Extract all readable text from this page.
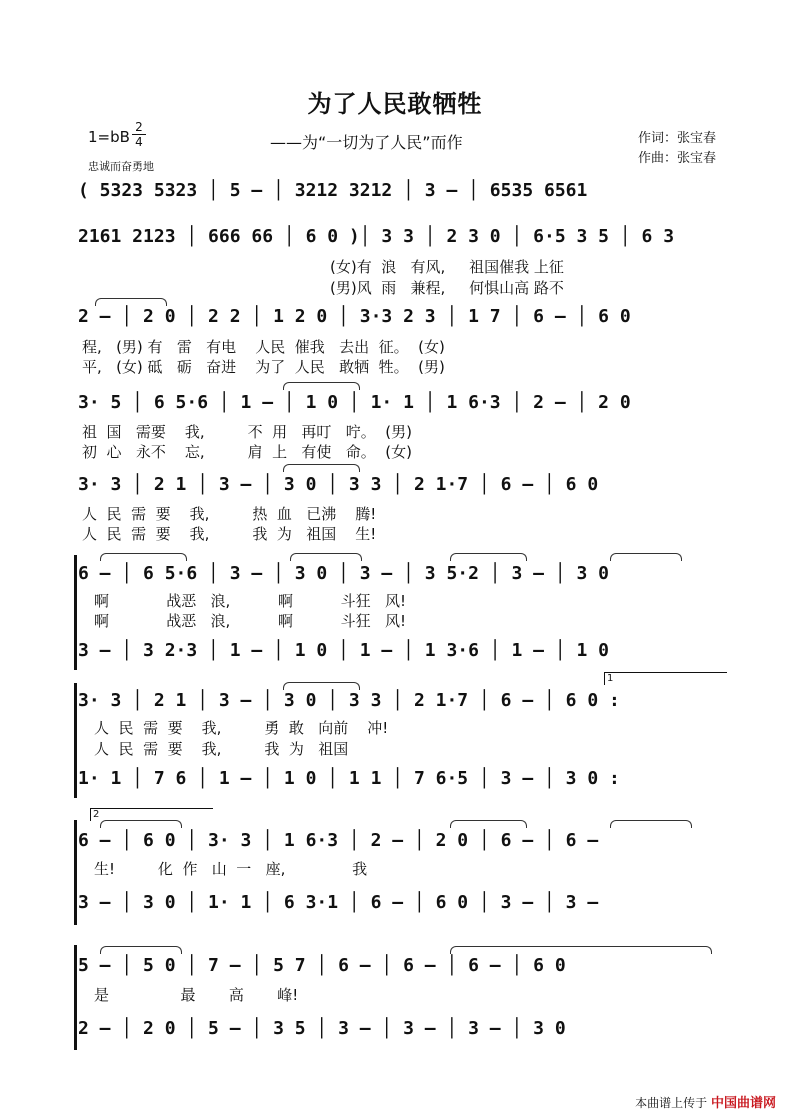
为了人民敢牺牲
1=bB
2
4
忠诚而奋勇地
——为“一切为了人民”而作	作词：张宝春
作曲：张宝春
( 5323 5323 │ 5 – │ 3212 3212 │ 3 – │ 6535 6561
2161 2123 │ 666 66 │ 6 0 )│ 3 3 │ 2 3 0 │ 6·5 3 5 │ 6 3
(女)有  浪   有风,     祖国催我 上征
(男)风  雨   兼程,     何惧山高 路不
2 – │ 2 0 │ 2 2 │ 1 2 0 │ 3·3 2 3 │ 1 7 │ 6 – │ 6 0
程,   (男) 有   雷   有电    人民  催我   去出  征。  (女)
平,   (女) 砥   砺   奋进    为了  人民   敢牺  牲。  (男)
3· 5 │ 6 5·6 │ 1 – │ 1 0 │ 1· 1 │ 1 6·3 │ 2 – │ 2 0
祖  国   需要    我,         不  用   再叮   咛。  (男)
初  心   永不    忘,         肩  上   有使   命。  (女)
3· 3 │ 2 1 │ 3 – │ 3 0 │ 3 3 │ 2 1·7 │ 6 – │ 6 0
人  民  需  要    我,         热  血   已沸    腾!
人  民  需  要    我,         我  为   祖国    生!
6 – │ 6 5·6 │ 3 – │ 3 0 │ 3 – │ 3 5·2 │ 3 – │ 3 0
啊            战恶   浪,          啊          斗狂   风!
啊            战恶   浪,          啊          斗狂   风!
3 – │ 3 2·3 │ 1 – │ 1 0 │ 1 – │ 1 3·6 │ 1 – │ 1 0
1
3· 3 │ 2 1 │ 3 – │ 3 0 │ 3 3 │ 2 1·7 │ 6 – │ 6 0 :
人  民  需  要    我,         勇  敢   向前    冲!
人  民  需  要    我,         我  为   祖国
1· 1 │ 7 6 │ 1 – │ 1 0 │ 1 1 │ 7 6·5 │ 3 – │ 3 0 :
2
6 – │ 6 0 │ 3· 3 │ 1 6·3 │ 2 – │ 2 0 │ 6 – │ 6 –
生!         化  作   山  一   座,              我
3 – │ 3 0 │ 1· 1 │ 6 3·1 │ 6 – │ 6 0 │ 3 – │ 3 –
5 – │ 5 0 │ 7 – │ 5 7 │ 6 – │ 6 – │ 6 – │ 6 0
是               最       高       峰!
2 – │ 2 0 │ 5 – │ 3 5 │ 3 – │ 3 – │ 3 – │ 3 0
本曲谱上传于 中国曲谱网
